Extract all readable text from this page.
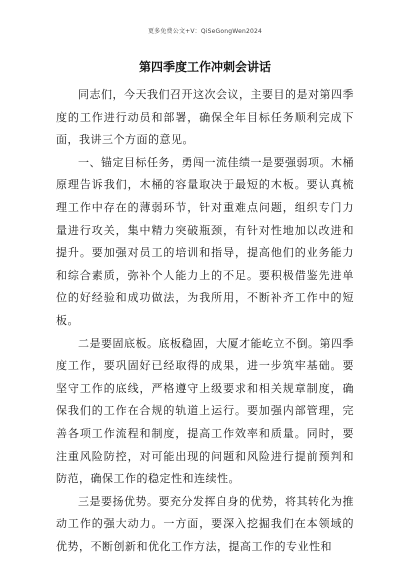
更多免费公文+V：QiSeGongWen2024
第四季度工作冲刺会讲话

同志们，今天我们召开这次会议，主要目的是对第四季度的工作进行动员和部署，确保全年目标任务顺利完成下面，我讲三个方面的意见。

一、锚定目标任务，勇闯一流佳绩一是要强弱项。木桶原理告诉我们，木桶的容量取决于最短的木板。要认真梳理工作中存在的薄弱环节，针对重难点问题，组织专门力量进行攻关，集中精力突破瓶颈，有针对性地加以改进和提升。要加强对员工的培训和指导，提高他们的业务能力和综合素质，弥补个人能力上的不足。要积极借鉴先进单位的好经验和成功做法，为我所用，不断补齐工作中的短板。

二是要固底板。底板稳固，大厦才能屹立不倒。第四季度工作，要巩固好已经取得的成果，进一步筑牢基础。要坚守工作的底线，严格遵守上级要求和相关规章制度，确保我们的工作在合规的轨道上运行。要加强内部管理，完善各项工作流程和制度，提高工作效率和质量。同时，要注重风险防控，对可能出现的问题和风险进行提前预判和防范，确保工作的稳定性和连续性。

三是要扬优势。要充分发挥自身的优势，将其转化为推动工作的强大动力。一方面，要深入挖掘我们在本领域的优势，不断创新和优化工作方法，提高工作的专业性和
